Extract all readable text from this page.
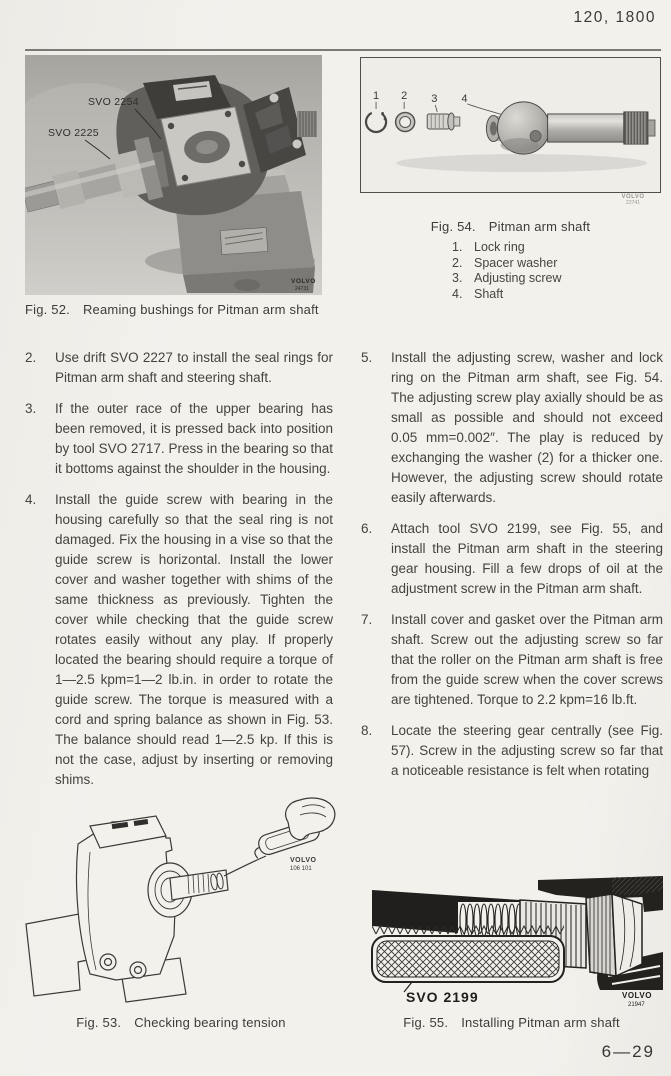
120, 1800
SVO 2254
SVO 2225
VOLVO
24731
Fig. 52. Reaming bushings for Pitman arm shaft
1 2 3 4
VOLVO
22741
Fig. 54. Pitman arm shaft
1. Lock ring
2. Spacer washer
3. Adjusting screw
4. Shaft
2.	Use drift SVO 2227 to install the seal rings for Pitman arm shaft and steering shaft.
3.	If the outer race of the upper bearing has been removed, it is pressed back into position by tool SVO 2717. Press in the bearing so that it bottoms against the shoulder in the housing.
4.	Install the guide screw with bearing in the housing carefully so that the seal ring is not damaged. Fix the housing in a vise so that the guide screw is horizontal. Install the lower cover and washer together with shims of the same thickness as previously. Tighten the cover while checking that the guide screw rotates easily without any play. If properly located the bearing should require a torque of 1—2.5 kpm=1—2 lb.in. in order to rotate the guide screw. The torque is measured with a cord and spring balance as shown in Fig. 53. The balance should read 1—2.5 kp. If this is not the case, adjust by inserting or removing shims.
5.	Install the adjusting screw, washer and lock ring on the Pitman arm shaft, see Fig. 54. The adjusting screw play axially should be as small as possible and should not exceed 0.05 mm=0.002″. The play is reduced by exchanging the washer (2) for a thicker one. However, the adjusting screw should rotate easily afterwards.
6.	Attach tool SVO 2199, see Fig. 55, and install the Pitman arm shaft in the steering gear housing. Fill a few drops of oil at the adjustment screw in the Pitman arm shaft.
7.	Install cover and gasket over the Pitman arm shaft. Screw out the adjusting screw so far that the roller on the Pitman arm shaft is free from the guide screw when the cover screws are tightened. Torque to 2.2 kpm=16 lb.ft.
8.	Locate the steering gear centrally (see Fig. 57). Screw in the adjusting screw so far that a noticeable resistance is felt when rotating
VOLVO
106 101
Fig. 53. Checking bearing tension
SVO 2199	VOLVO
21947
Fig. 55. Installing Pitman arm shaft
6—29
